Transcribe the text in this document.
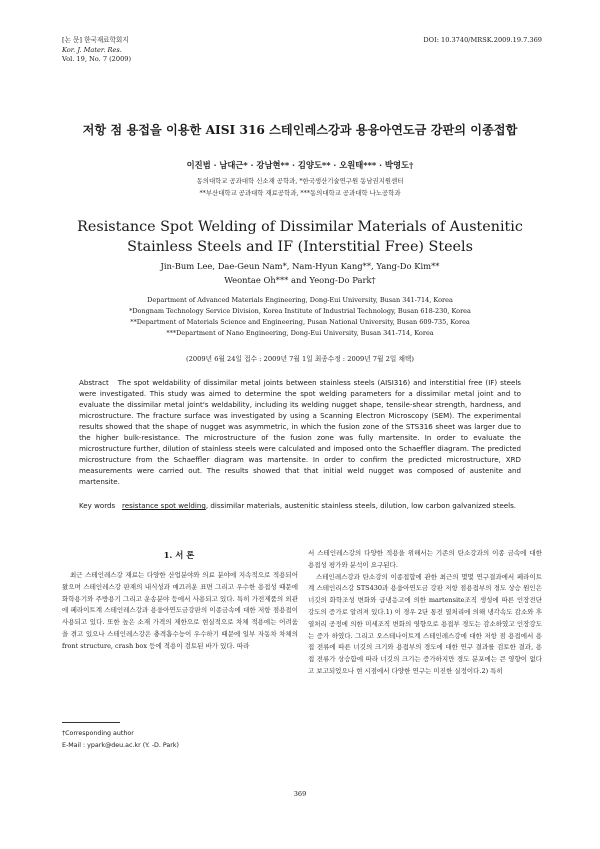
[논 문] 한국재료학회지
Kor. J. Mater. Res.
Vol. 19, No. 7 (2009)
DOI: 10.3740/MRSK.2009.19.7.369
저항 점 용접을 이용한 AISI 316 스테인레스강과 용융아연도금 강판의 이종접합
이진범 · 남대근* · 강남현** · 김양도** · 오원태*** · 박영도†
동의대학교 공과대학 신소재 공학과, *한국생산기술연구원 동남권지원센터
**부산대학교 공과대학 재료공학과, ***동의대학교 공과대학 나노공학과
Resistance Spot Welding of Dissimilar Materials of Austenitic Stainless Steels and IF (Interstitial Free) Steels
Jin-Bum Lee, Dae-Geun Nam*, Nam-Hyun Kang**, Yang-Do Kim**
Weontae Oh*** and Yeong-Do Park†
Department of Advanced Materials Engineering, Dong-Eui University, Busan 341-714, Korea
*Dongnam Technology Service Division, Korea Institute of Industrial Technology, Busan 618-230, Korea
**Department of Materials Science and Engineering, Pusan National University, Busan 609-735, Korea
***Department of Nano Engineering, Dong-Eui University, Busan 341-714, Korea
(2009년 6월 24일 접수 : 2009년 7월 1일 최종수정 : 2009년 7월 2일 채택)
Abstract The spot weldability of dissimilar metal joints between stainless steels (AISI316) and interstitial free (IF) steels were investigated. This study was aimed to determine the spot welding parameters for a dissimilar metal joint and to evaluate the dissimilar metal joint's weldability, including its welding nugget shape, tensile-shear strength, hardness, and microstructure. The fracture surface was investigated by using a Scanning Electron Microscopy (SEM). The experimental results showed that the shape of nugget was asymmetric, in which the fusion zone of the STS316 sheet was larger due to the higher bulk-resistance. The microstructure of the fusion zone was fully martensite. In order to evaluate the microstructure further, dilution of stainless steels were calculated and imposed onto the Schaeffler diagram. The predicted microstructure from the Schaeffler diagram was martensite. In order to confirm the predicted microstructure, XRD measurements were carried out. The results showed that that initial weld nugget was composed of austenite and martensite.
Key words resistance spot welding, dissimilar materials, austenitic stainless steels, dilution, low carbon galvanized steels.
1. 서 론

최근 스테인레스강 재료는 다양한 산업분야와 의료 분야에 지속적으로 적용되어 왔으며 스테인레스강 판재의 내식성과 매끄러운 표면 그리고 우수한 용접성 때문에 화학용기와 주방용기 그리고 운송분야 등에서 사용되고 있다. 특히 가전제품의 외관에 페라이트계 스테인레스강과 용융아연도금강판의 이종금속에 대한 저항 점용접이 사용되고 있다. 또한 높은 소재 가격의 제한으로 현실적으로 차체 적용에는 어려움을 겪고 있으나 스테인레스강은 충격흡수능이 우수하기 때문에 일부 자동차 차체의 front structure, crash box 등에 적용이 검토된 바가 있다. 따라

서 스테인레스강의 다양한 적용을 위해서는 기존의 탄소강과의 이종 금속에 대한 용접성 평가와 분석이 요구된다.

스테인레스강과 탄소강의 이종접합에 관한 최근의 몇몇 연구결과에서 페라이트계 스테인리스강 STS430과 용융아연도금 강판 저항 점용접부의 경도 상승 원인은 너깃의 화학조성 변화와 급냉응고에 의한 martensite조직 생성에 따른 인장전단강도의 증가로 알려져 있다.1) 이 경우 2단 통전 열처리에 의해 냉각속도 감소와 후열처리 공정에 의한 미세조직 변화의 영향으로 용접부 경도는 감소하였고 인장강도는 증가 하였다. 그리고 오스테나이트계 스테인레스강에 대한 저항 점 용접에서 용접 전류에 따른 너깃의 크기와 용접부의 경도에 대한 연구 결과를 검토한 결과, 용접 전류가 상승함에 따라 너깃의 크기는 증가하지만 경도 분포에는 큰 영향이 없다고 보고되었으나 현 시점에서 다양한 연구는 미진한 실정이다.2) 특히

†Corresponding author
E-Mail : ypark@deu.ac.kr (Y. -D. Park)
369
